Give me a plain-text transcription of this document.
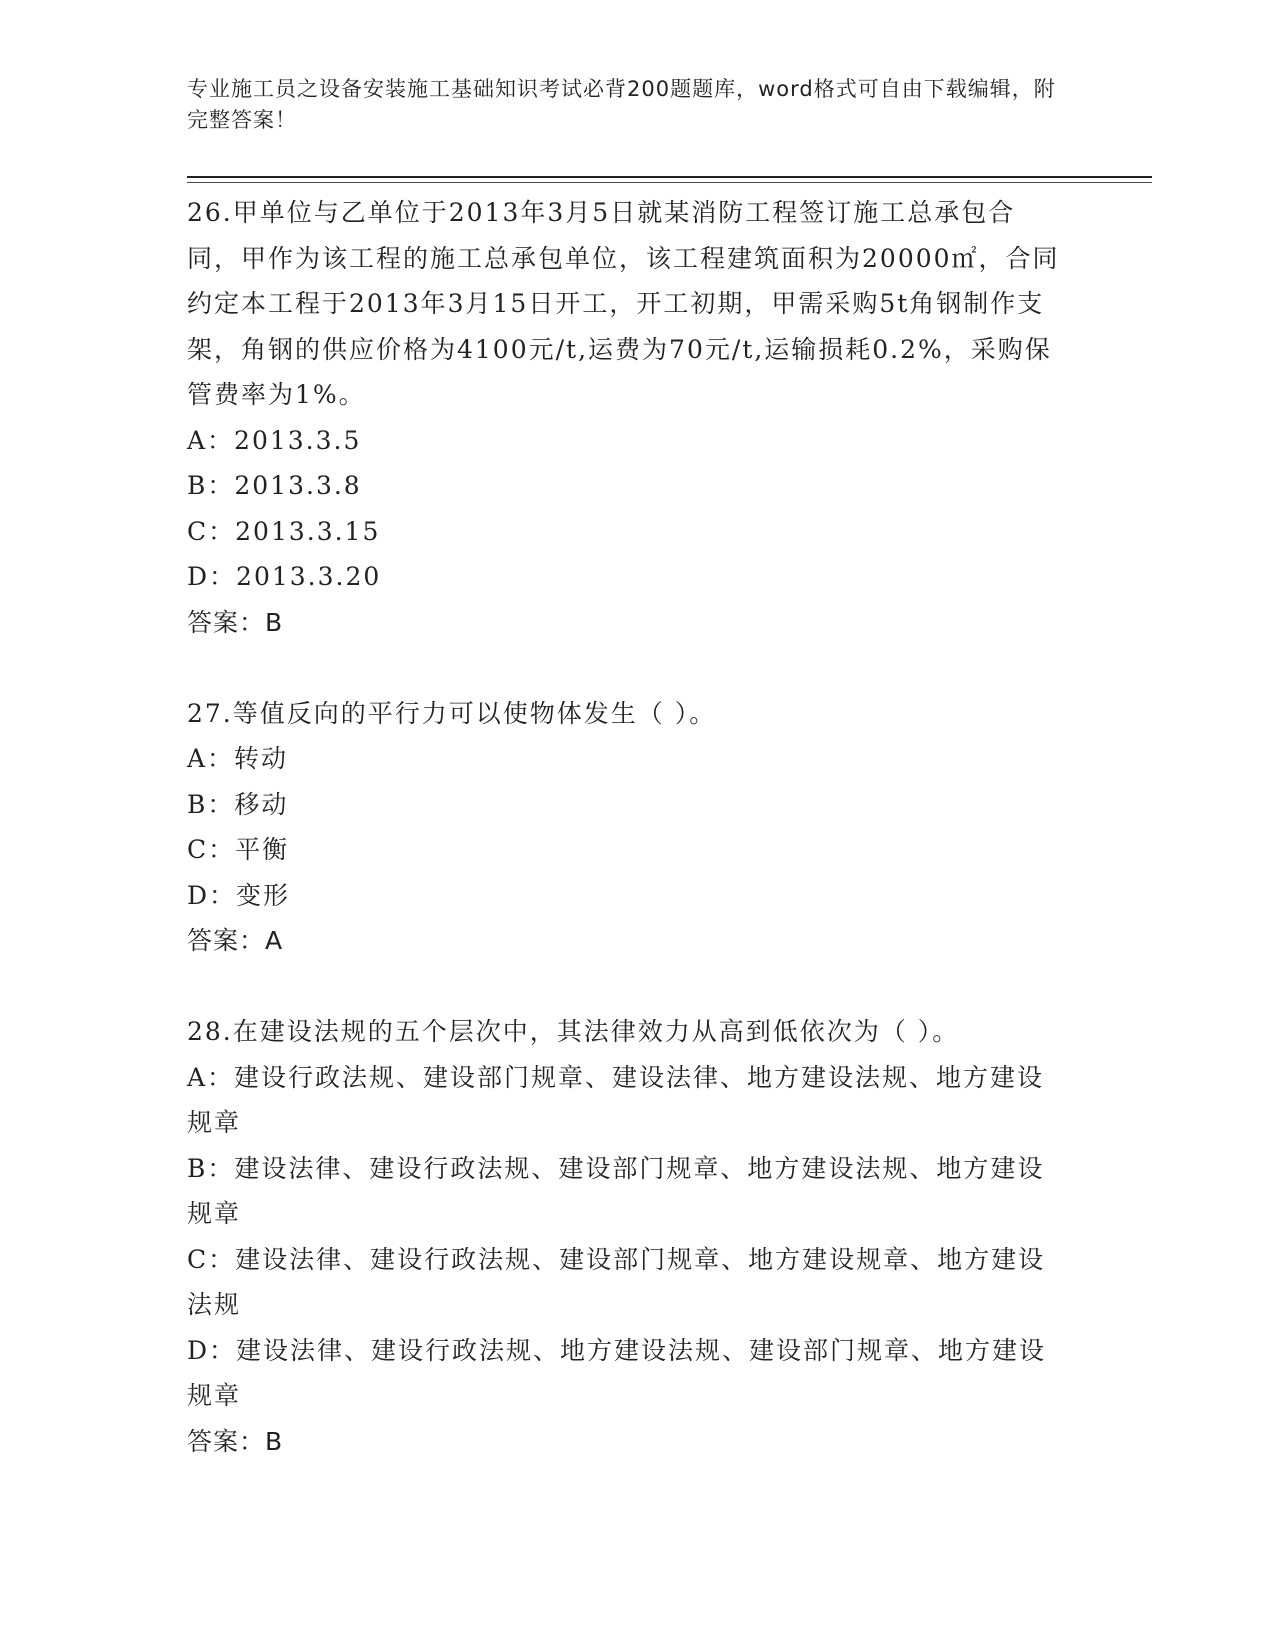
专业施工员之设备安装施工基础知识考试必背200题题库，word格式可自由下载编辑，附完整答案！

26.甲单位与乙单位于2013年3月5日就某消防工程签订施工总承包合同，甲作为该工程的施工总承包单位，该工程建筑面积为20000㎡，合同约定本工程于2013年3月15日开工，开工初期，甲需采购5t角钢制作支架，角钢的供应价格为4100元/t,运费为70元/t,运输损耗0.2%，采购保管费率为1%。

A：2013.3.5

B：2013.3.8

C：2013.3.15

D：2013.3.20

答案：B

27.等值反向的平行力可以使物体发生（ ）。

A：转动

B：移动

C：平衡

D：变形

答案：A

28.在建设法规的五个层次中，其法律效力从高到低依次为（ ）。

A：建设行政法规、建设部门规章、建设法律、地方建设法规、地方建设规章

B：建设法律、建设行政法规、建设部门规章、地方建设法规、地方建设规章

C：建设法律、建设行政法规、建设部门规章、地方建设规章、地方建设法规

D：建设法律、建设行政法规、地方建设法规、建设部门规章、地方建设规章

答案：B
